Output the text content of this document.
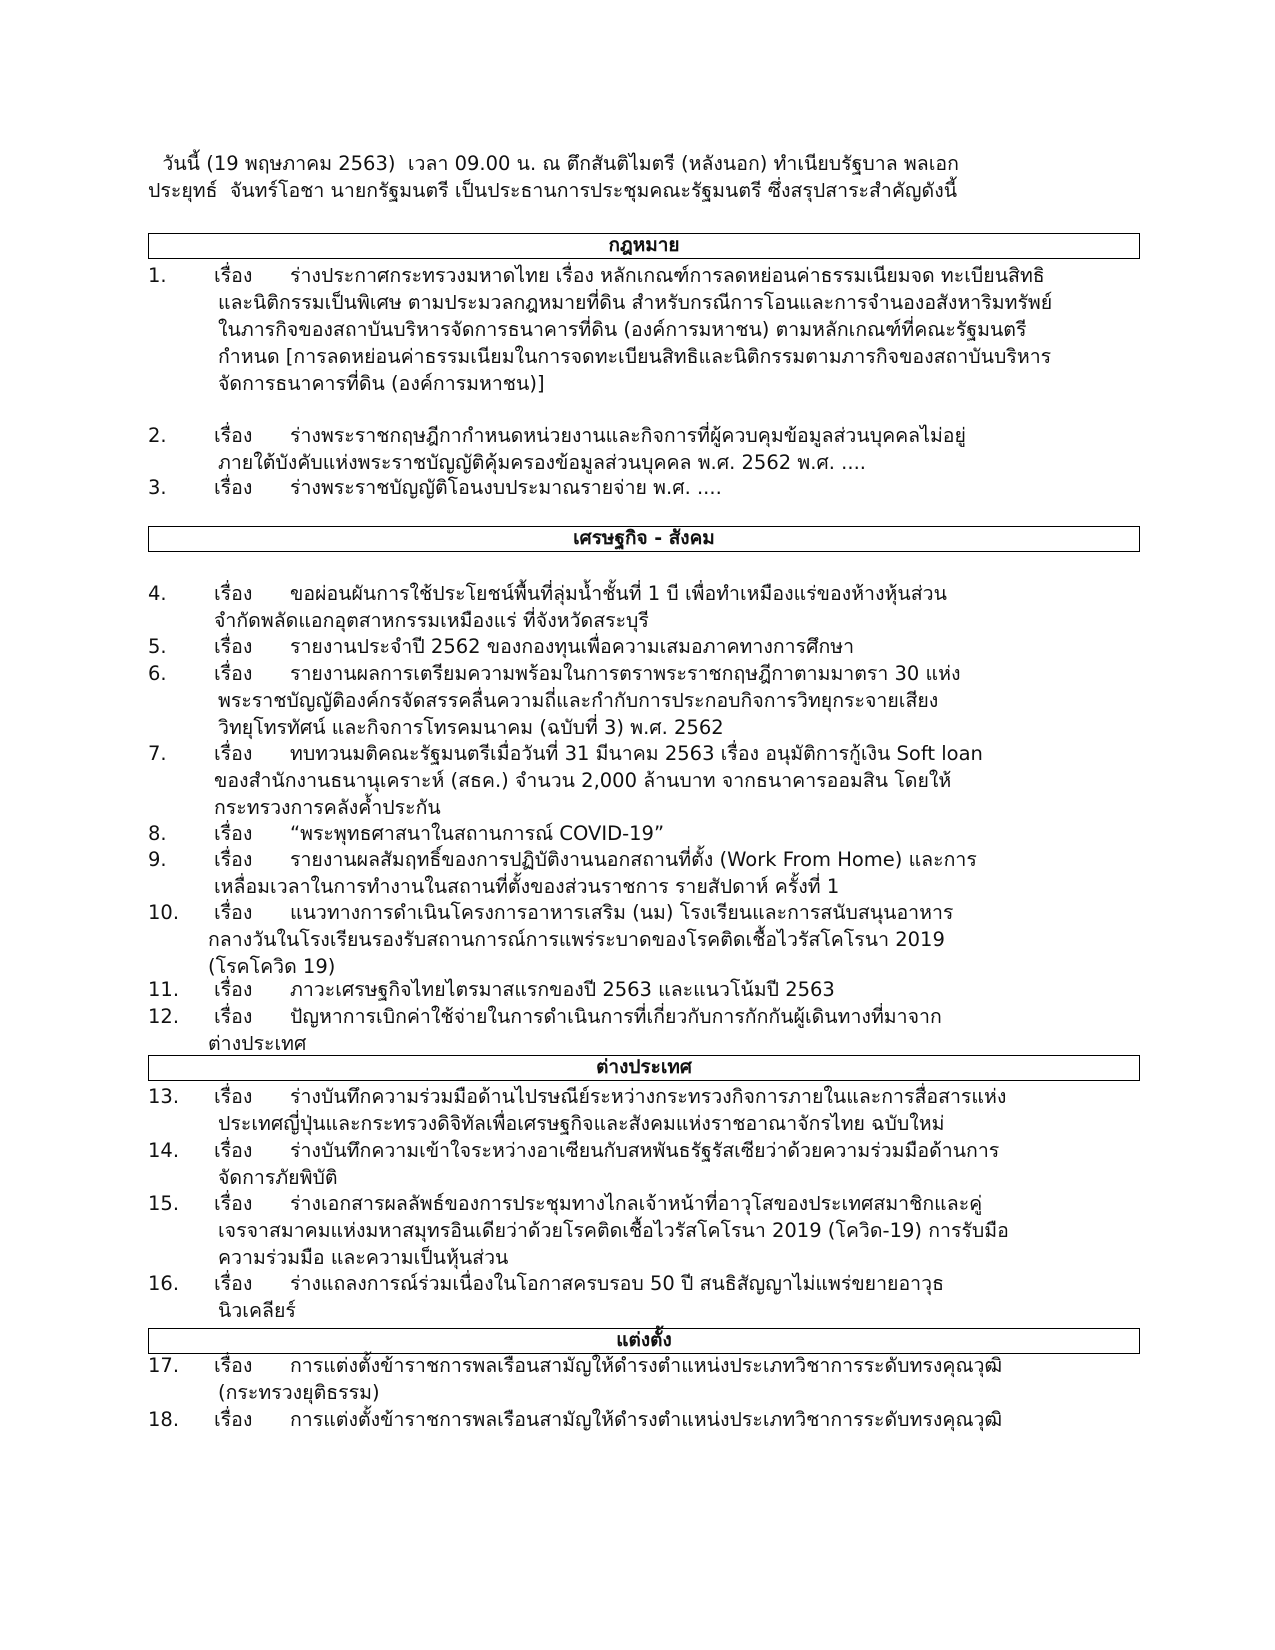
วันนี้ (19 พฤษภาคม 2563)  เวลา 09.00 น. ณ ตึกสันติไมตรี (หลังนอก) ทำเนียบรัฐบาล พลเอก
ประยุทธ์  จันทร์โอชา นายกรัฐมนตรี เป็นประธานการประชุมคณะรัฐมนตรี ซึ่งสรุปสาระสำคัญดังนี้
กฎหมาย
เศรษฐกิจ - สังคม
ต่างประเทศ
แต่งตั้ง
1. เรื่อง ร่างประกาศกระทรวงมหาดไทย เรื่อง หลักเกณฑ์การลดหย่อนค่าธรรมเนียมจด ทะเบียนสิทธิ
และนิติกรรมเป็นพิเศษ ตามประมวลกฎหมายที่ดิน สำหรับกรณีการโอนและการจำนองอสังหาริมทรัพย์
ในภารกิจของสถาบันบริหารจัดการธนาคารที่ดิน (องค์การมหาชน) ตามหลักเกณฑ์ที่คณะรัฐมนตรี
กำหนด [การลดหย่อนค่าธรรมเนียมในการจดทะเบียนสิทธิและนิติกรรมตามภารกิจของสถาบันบริหาร
จัดการธนาคารที่ดิน (องค์การมหาชน)]
2. เรื่อง ร่างพระราชกฤษฎีกากำหนดหน่วยงานและกิจการที่ผู้ควบคุมข้อมูลส่วนบุคคลไม่อยู่
ภายใต้บังคับแห่งพระราชบัญญัติคุ้มครองข้อมูลส่วนบุคคล พ.ศ. 2562 พ.ศ. ....
3. เรื่อง ร่างพระราชบัญญัติโอนงบประมาณรายจ่าย พ.ศ. ....
4. เรื่อง ขอผ่อนผันการใช้ประโยชน์พื้นที่ลุ่มน้ำชั้นที่ 1 บี เพื่อทำเหมืองแร่ของห้างหุ้นส่วน
จำกัดพลัดแอกอุตสาหกรรมเหมืองแร่ ที่จังหวัดสระบุรี
5. เรื่อง รายงานประจำปี 2562 ของกองทุนเพื่อความเสมอภาคทางการศึกษา
6. เรื่อง รายงานผลการเตรียมความพร้อมในการตราพระราชกฤษฎีกาตามมาตรา 30 แห่ง
พระราชบัญญัติองค์กรจัดสรรคลื่นความถี่และกำกับการประกอบกิจการวิทยุกระจายเสียง
วิทยุโทรทัศน์ และกิจการโทรคมนาคม (ฉบับที่ 3) พ.ศ. 2562
7. เรื่อง ทบทวนมติคณะรัฐมนตรีเมื่อวันที่ 31 มีนาคม 2563 เรื่อง อนุมัติการกู้เงิน Soft loan
ของสำนักงานธนานุเคราะห์ (สธค.) จำนวน 2,000 ล้านบาท จากธนาคารออมสิน โดยให้
กระทรวงการคลังค้ำประกัน
8. เรื่อง “พระพุทธศาสนาในสถานการณ์ COVID-19”
9. เรื่อง รายงานผลสัมฤทธิ์ของการปฏิบัติงานนอกสถานที่ตั้ง (Work From Home) และการ
เหลื่อมเวลาในการทำงานในสถานที่ตั้งของส่วนราชการ รายสัปดาห์ ครั้งที่ 1
10. เรื่อง แนวทางการดำเนินโครงการอาหารเสริม (นม) โรงเรียนและการสนับสนุนอาหาร
กลางวันในโรงเรียนรองรับสถานการณ์การแพร่ระบาดของโรคติดเชื้อไวรัสโคโรนา 2019
(โรคโควิด 19)
11. เรื่อง ภาวะเศรษฐกิจไทยไตรมาสแรกของปี 2563 และแนวโน้มปี 2563
12. เรื่อง ปัญหาการเบิกค่าใช้จ่ายในการดำเนินการที่เกี่ยวกับการกักกันผู้เดินทางที่มาจาก
ต่างประเทศ
13. เรื่อง ร่างบันทึกความร่วมมือด้านไปรษณีย์ระหว่างกระทรวงกิจการภายในและการสื่อสารแห่ง
ประเทศญี่ปุ่นและกระทรวงดิจิทัลเพื่อเศรษฐกิจและสังคมแห่งราชอาณาจักรไทย ฉบับใหม่
14. เรื่อง ร่างบันทึกความเข้าใจระหว่างอาเซียนกับสหพันธรัฐรัสเซียว่าด้วยความร่วมมือด้านการ
จัดการภัยพิบัติ
15. เรื่อง ร่างเอกสารผลลัพธ์ของการประชุมทางไกลเจ้าหน้าที่อาวุโสของประเทศสมาชิกและคู่
เจรจาสมาคมแห่งมหาสมุทรอินเดียว่าด้วยโรคติดเชื้อไวรัสโคโรนา 2019 (โควิด-19) การรับมือ
ความร่วมมือ และความเป็นหุ้นส่วน
16. เรื่อง ร่างแถลงการณ์ร่วมเนื่องในโอกาสครบรอบ 50 ปี สนธิสัญญาไม่แพร่ขยายอาวุธ
นิวเคลียร์
17. เรื่อง การแต่งตั้งข้าราชการพลเรือนสามัญให้ดำรงตำแหน่งประเภทวิชาการระดับทรงคุณวุฒิ
(กระทรวงยุติธรรม)
18. เรื่อง การแต่งตั้งข้าราชการพลเรือนสามัญให้ดำรงตำแหน่งประเภทวิชาการระดับทรงคุณวุฒิ
